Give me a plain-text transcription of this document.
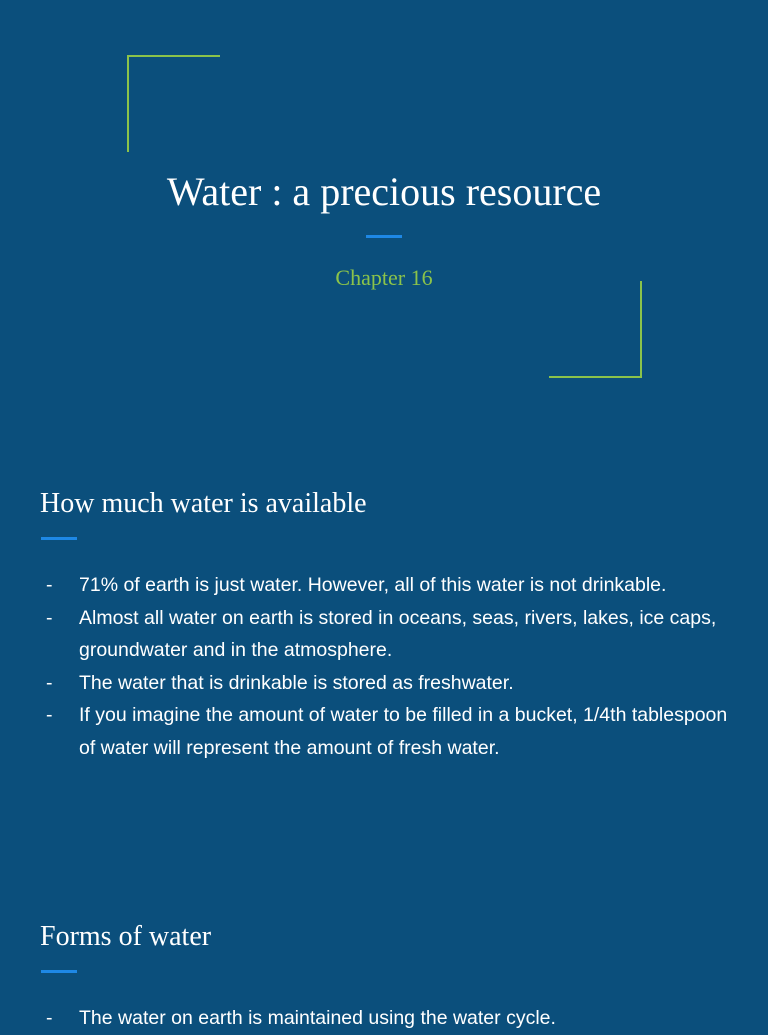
Water : a precious resource
Chapter 16
How much water is available
- 71% of earth is just water. However, all of this water is not drinkable.
- Almost all water on earth is stored in oceans, seas, rivers, lakes, ice caps, groundwater and in the atmosphere.
- The water that is drinkable is stored as freshwater.
- If you imagine the amount of water to be filled in a bucket, 1/4th tablespoon of water will represent the amount of fresh water.
Forms of water
- The water on earth is maintained using the water cycle.
